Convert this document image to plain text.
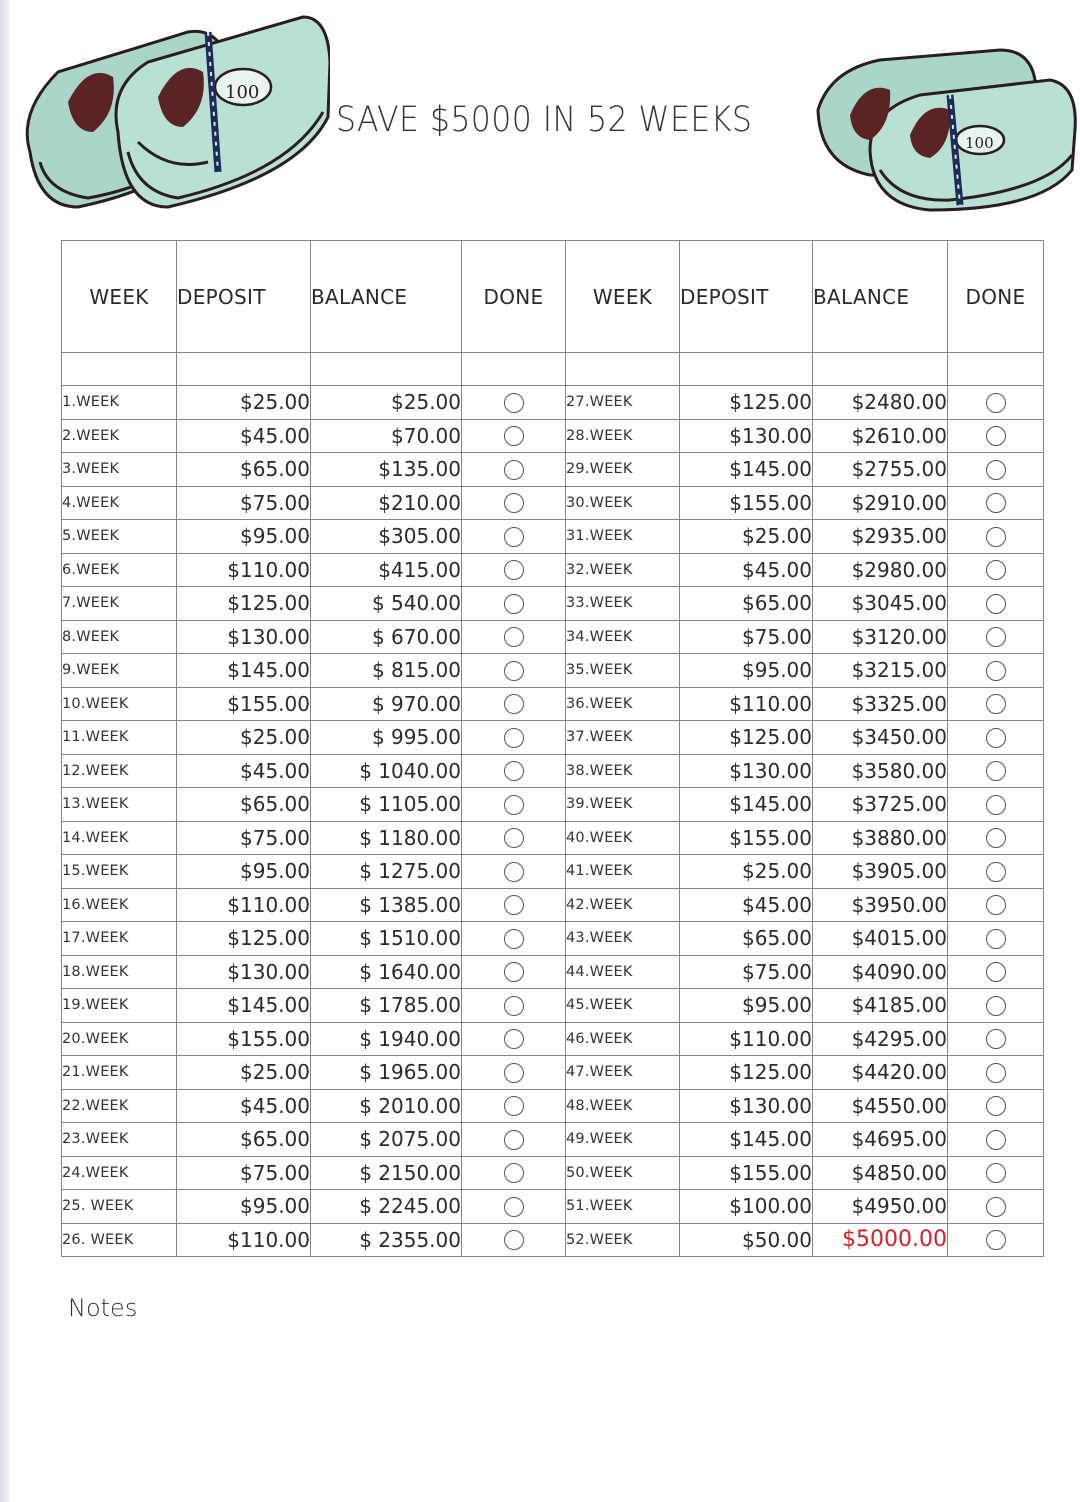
100
SAVE $5000 IN 52 WEEKS
100
WEEK	DEPOSIT	BALANCE	DONE	WEEK	DEPOSIT	BALANCE	DONE

1.WEEK	$25.00	$25.00		27.WEEK	$125.00	$2480.00	
2.WEEK	$45.00	$70.00		28.WEEK	$130.00	$2610.00	
3.WEEK	$65.00	$135.00		29.WEEK	$145.00	$2755.00	
4.WEEK	$75.00	$210.00		30.WEEK	$155.00	$2910.00	
5.WEEK	$95.00	$305.00		31.WEEK	$25.00	$2935.00	
6.WEEK	$110.00	$415.00		32.WEEK	$45.00	$2980.00	
7.WEEK	$125.00	$ 540.00		33.WEEK	$65.00	$3045.00	
8.WEEK	$130.00	$ 670.00		34.WEEK	$75.00	$3120.00	
9.WEEK	$145.00	$ 815.00		35.WEEK	$95.00	$3215.00	
10.WEEK	$155.00	$ 970.00		36.WEEK	$110.00	$3325.00	
11.WEEK	$25.00	$ 995.00		37.WEEK	$125.00	$3450.00	
12.WEEK	$45.00	$ 1040.00		38.WEEK	$130.00	$3580.00	
13.WEEK	$65.00	$ 1105.00		39.WEEK	$145.00	$3725.00	
14.WEEK	$75.00	$ 1180.00		40.WEEK	$155.00	$3880.00	
15.WEEK	$95.00	$ 1275.00		41.WEEK	$25.00	$3905.00	
16.WEEK	$110.00	$ 1385.00		42.WEEK	$45.00	$3950.00	
17.WEEK	$125.00	$ 1510.00		43.WEEK	$65.00	$4015.00	
18.WEEK	$130.00	$ 1640.00		44.WEEK	$75.00	$4090.00	
19.WEEK	$145.00	$ 1785.00		45.WEEK	$95.00	$4185.00	
20.WEEK	$155.00	$ 1940.00		46.WEEK	$110.00	$4295.00	
21.WEEK	$25.00	$ 1965.00		47.WEEK	$125.00	$4420.00	
22.WEEK	$45.00	$ 2010.00		48.WEEK	$130.00	$4550.00	
23.WEEK	$65.00	$ 2075.00		49.WEEK	$145.00	$4695.00	
24.WEEK	$75.00	$ 2150.00		50.WEEK	$155.00	$4850.00	
25. WEEK	$95.00	$ 2245.00		51.WEEK	$100.00	$4950.00	
26. WEEK	$110.00	$ 2355.00		52.WEEK	$50.00	$5000.00	
Notes
